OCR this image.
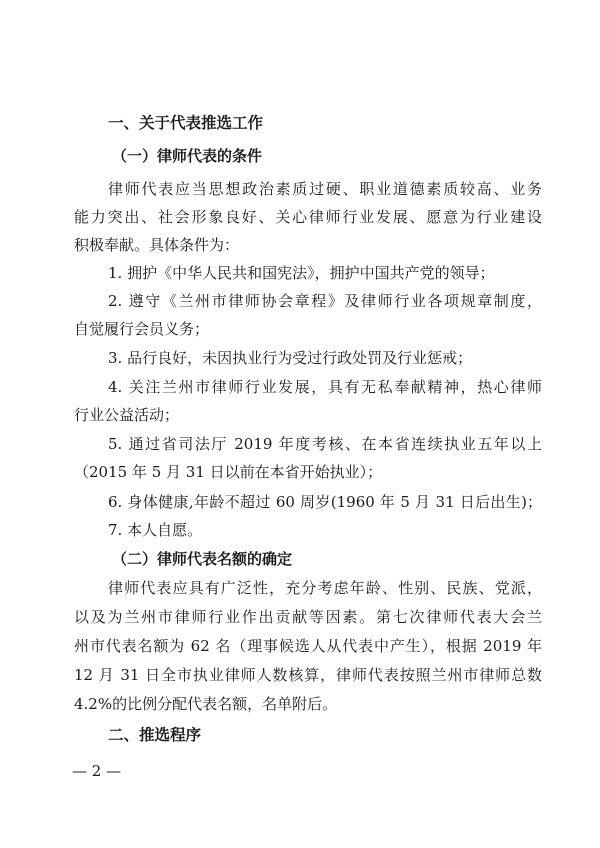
一、关于代表推选工作
（一）律师代表的条件
律师代表应当思想政治素质过硬、职业道德素质较高、业务
能力突出、社会形象良好、关心律师行业发展、愿意为行业建设
积极奉献。具体条件为：
1. 拥护《中华人民共和国宪法》，拥护中国共产党的领导；
2. 遵守《兰州市律师协会章程》及律师行业各项规章制度，
自觉履行会员义务；
3. 品行良好，未因执业行为受过行政处罚及行业惩戒；
4. 关注兰州市律师行业发展，具有无私奉献精神，热心律师
行业公益活动；
5. 通过省司法厅 2019 年度考核、在本省连续执业五年以上
（2015 年 5 月 31 日以前在本省开始执业）；
6. 身体健康,年龄不超过 60 周岁(1960 年 5 月 31 日后出生)；
7. 本人自愿。
（二）律师代表名额的确定
律师代表应具有广泛性，充分考虑年龄、性别、民族、党派，
以及为兰州市律师行业作出贡献等因素。第七次律师代表大会兰
州市代表名额为 62 名（理事候选人从代表中产生），根据 2019 年
12 月 31 日全市执业律师人数核算，律师代表按照兰州市律师总数
4.2%的比例分配代表名额，名单附后。
二、推选程序
— 2 —
